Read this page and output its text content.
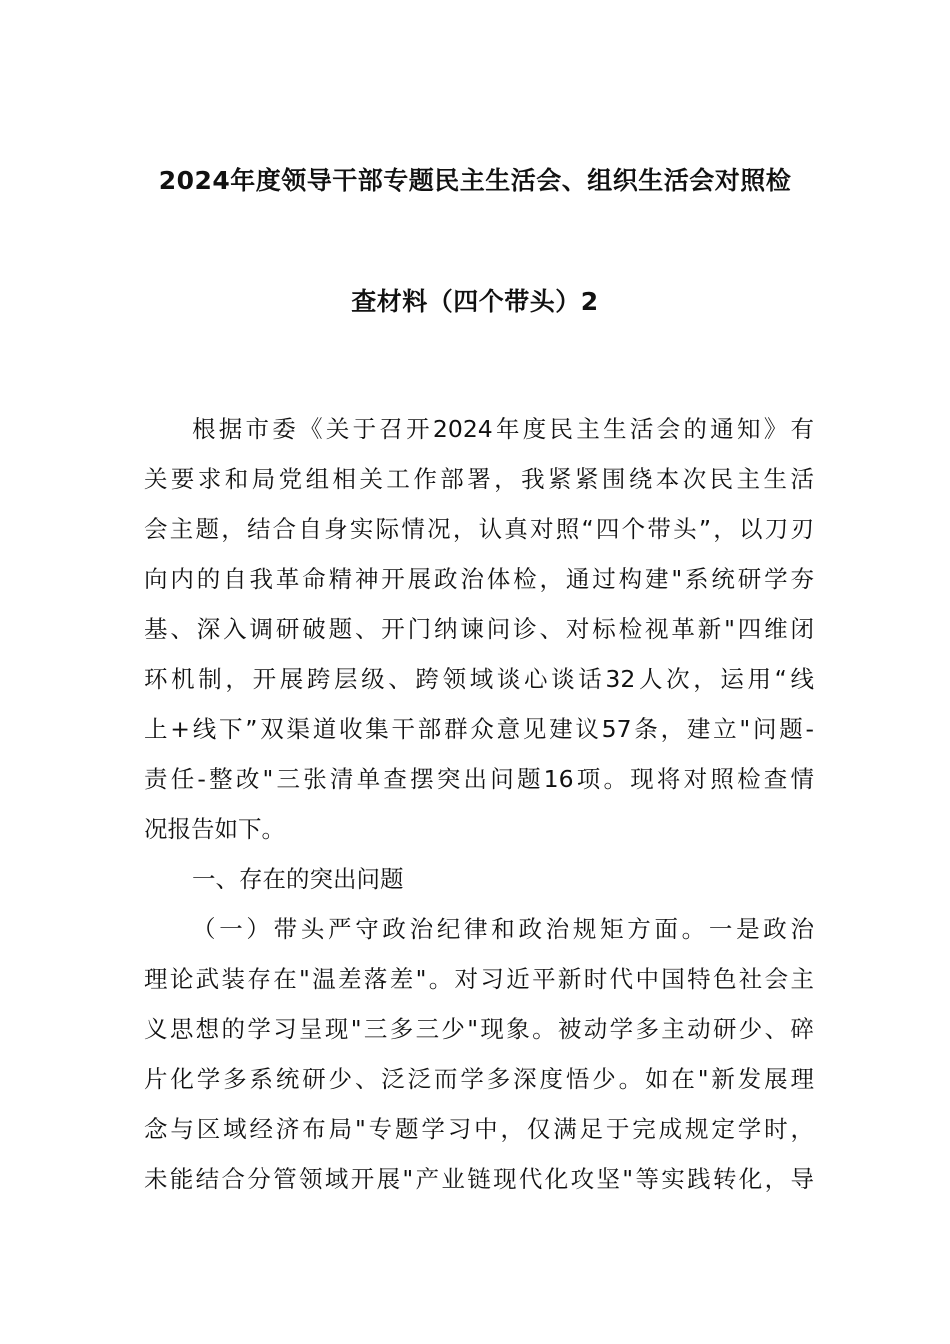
2024年度领导干部专题民主生活会、组织生活会对照检
查材料（四个带头）2

根据市委《关于召开2024年度民主生活会的通知》有
关要求和局党组相关工作部署，我紧紧围绕本次民主生活
会主题，结合自身实际情况，认真对照“四个带头”，以刀刃
向内的自我革命精神开展政治体检，通过构建"系统研学夯
基、深入调研破题、开门纳谏问诊、对标检视革新"四维闭
环机制，开展跨层级、跨领域谈心谈话32人次，运用“线
上+线下”双渠道收集干部群众意见建议57条，建立"问题-
责任-整改"三张清单查摆突出问题16项。现将对照检查情
况报告如下。

一、存在的突出问题

（一）带头严守政治纪律和政治规矩方面。一是政治
理论武装存在"温差落差"。对习近平新时代中国特色社会主
义思想的学习呈现"三多三少"现象。被动学多主动研少、碎
片化学多系统研少、泛泛而学多深度悟少。如在"新发展理
念与区域经济布局"专题学习中，仅满足于完成规定学时，
未能结合分管领域开展"产业链现代化攻坚"等实践转化，导
